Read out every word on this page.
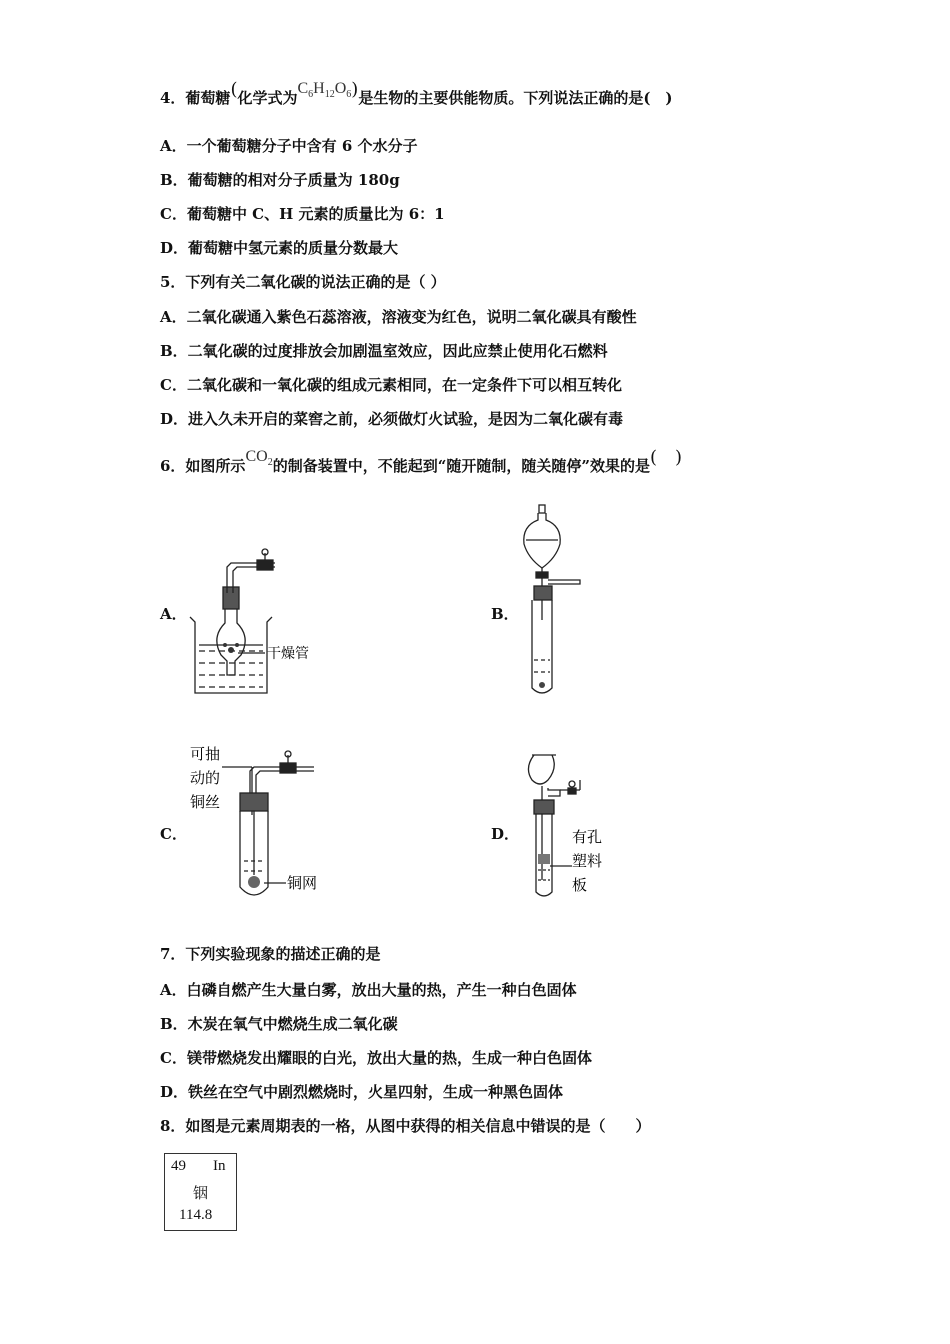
4．葡萄糖(化学式为$C_6H_{12}O_6$)是生物的主要供能物质。下列说法正确的是(　)
A．一个葡萄糖分子中含有 6 个水分子
B．葡萄糖的相对分子质量为 180g
C．葡萄糖中 C、H 元素的质量比为 6：1
D．葡萄糖中氢元素的质量分数最大
5．下列有关二氧化碳的说法正确的是（ ）
A．二氧化碳通入紫色石蕊溶液，溶液变为红色，说明二氧化碳具有酸性
B．二氧化碳的过度排放会加剧温室效应，因此应禁止使用化石燃料
C．二氧化碳和一氧化碳的组成元素相同，在一定条件下可以相互转化
D．进入久未开启的菜窖之前，必须做灯火试验，是因为二氧化碳有毒
6．如图所示$CO_2$的制备装置中，不能起到“随开随制，随关随停”效果的是(　)
A．	B．
C．	D．
干燥管
可抽
动的
铜丝
铜网
有孔
塑料
板
7．下列实验现象的描述正确的是
A．白磷自燃产生大量白雾，放出大量的热，产生一种白色固体
B．木炭在氧气中燃烧生成二氧化碳
C．镁带燃烧发出耀眼的白光，放出大量的热，生成一种白色固体
D．铁丝在空气中剧烈燃烧时，火星四射，生成一种黑色固体
8．如图是元素周期表的一格，从图中获得的相关信息中错误的是（　　）
49 In
铟
114.8
